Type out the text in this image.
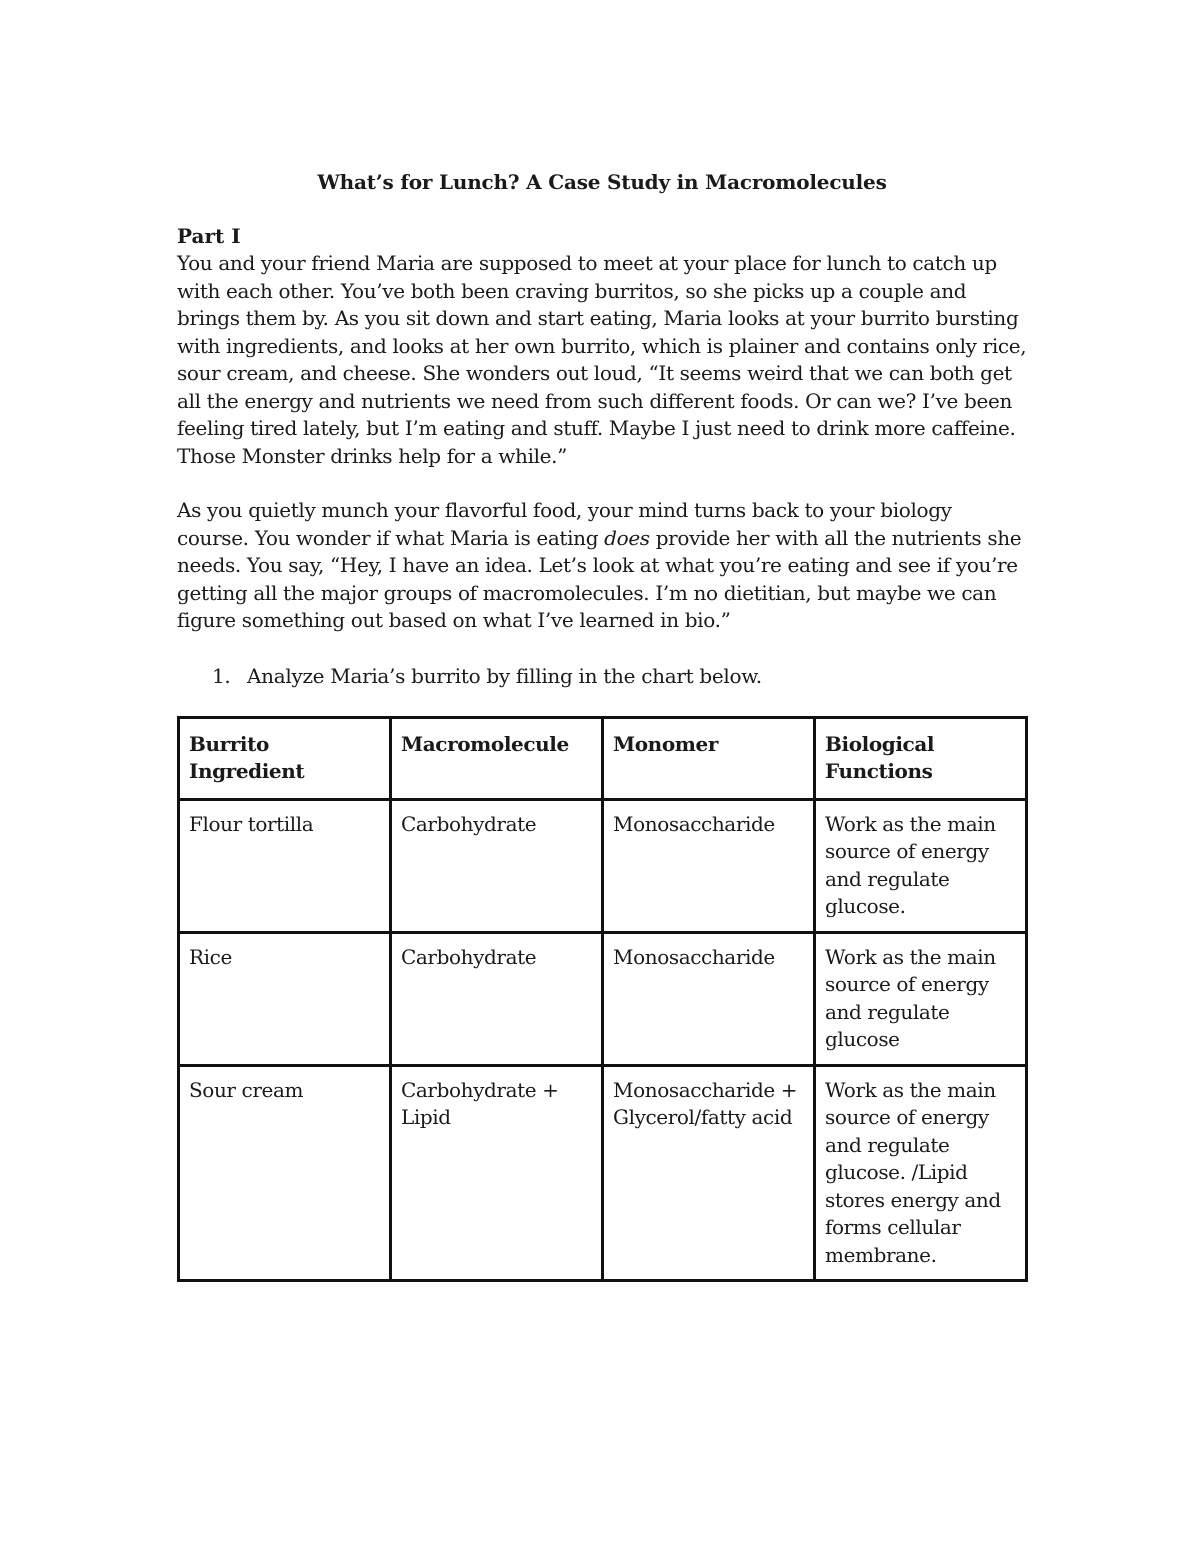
What’s for Lunch? A Case Study in Macromolecules

Part I

You and your friend Maria are supposed to meet at your place for lunch to catch up with each other. You’ve both been craving burritos, so she picks up a couple and brings them by. As you sit down and start eating, Maria looks at your burrito bursting with ingredients, and looks at her own burrito, which is plainer and contains only rice, sour cream, and cheese. She wonders out loud, “It seems weird that we can both get all the energy and nutrients we need from such different foods. Or can we? I’ve been feeling tired lately, but I’m eating and stuff. Maybe I just need to drink more caffeine. Those Monster drinks help for a while.”

As you quietly munch your flavorful food, your mind turns back to your biology course. You wonder if what Maria is eating does provide her with all the nutrients she needs. You say, “Hey, I have an idea. Let’s look at what you’re eating and see if you’re getting all the major groups of macromolecules. I’m no dietitian, but maybe we can figure something out based on what I’ve learned in bio.”

1. Analyze Maria’s burrito by filling in the chart below.

Burrito Ingredient	Macromolecule	Monomer	Biological Functions
Flour tortilla	Carbohydrate	Monosaccharide	Work as the main source of energy and regulate glucose.
Rice	Carbohydrate	Monosaccharide	Work as the main source of energy and regulate glucose
Sour cream	Carbohydrate + Lipid	Monosaccharide + Glycerol/fatty acid	Work as the main source of energy and regulate glucose. /Lipid stores energy and forms cellular membrane.
